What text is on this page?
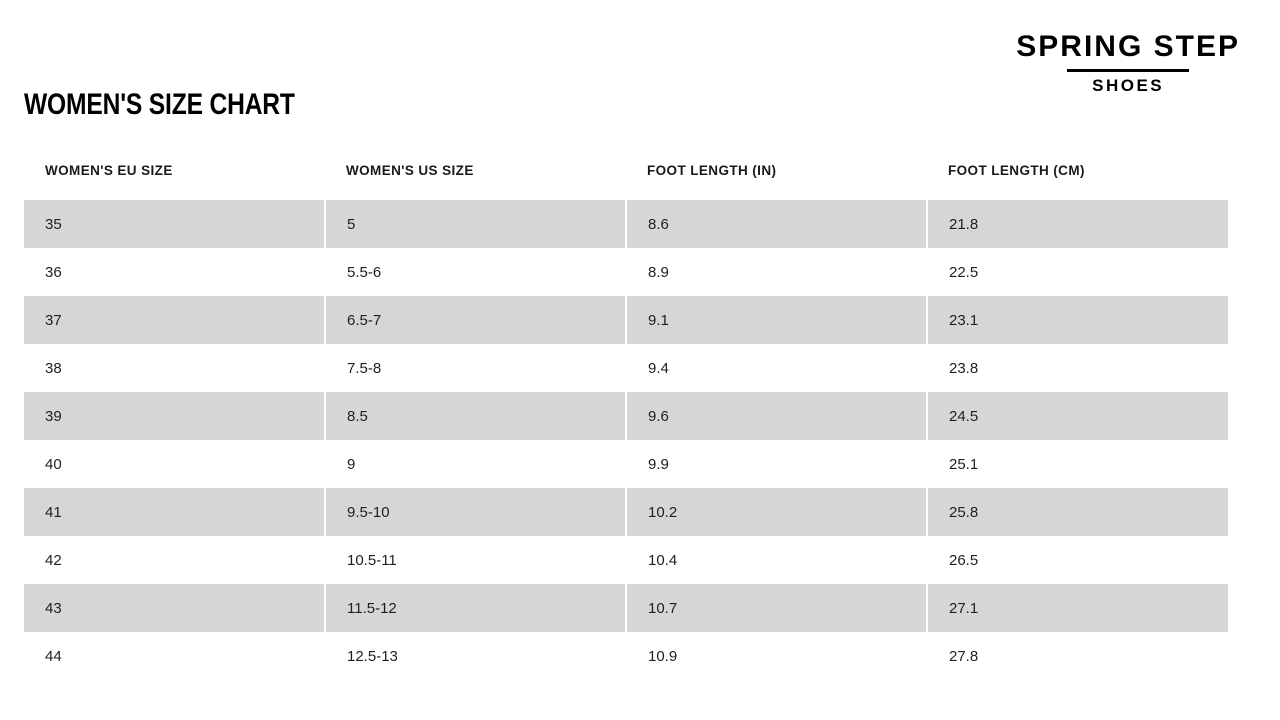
SPRING STEP
SHOES
WOMEN'S SIZE CHART
WOMEN'S EU SIZE	WOMEN'S US SIZE	FOOT LENGTH (IN)	FOOT LENGTH (CM)
35	5	8.6	21.8
36	5.5-6	8.9	22.5
37	6.5-7	9.1	23.1
38	7.5-8	9.4	23.8
39	8.5	9.6	24.5
40	9	9.9	25.1
41	9.5-10	10.2	25.8
42	10.5-11	10.4	26.5
43	11.5-12	10.7	27.1
44	12.5-13	10.9	27.8
